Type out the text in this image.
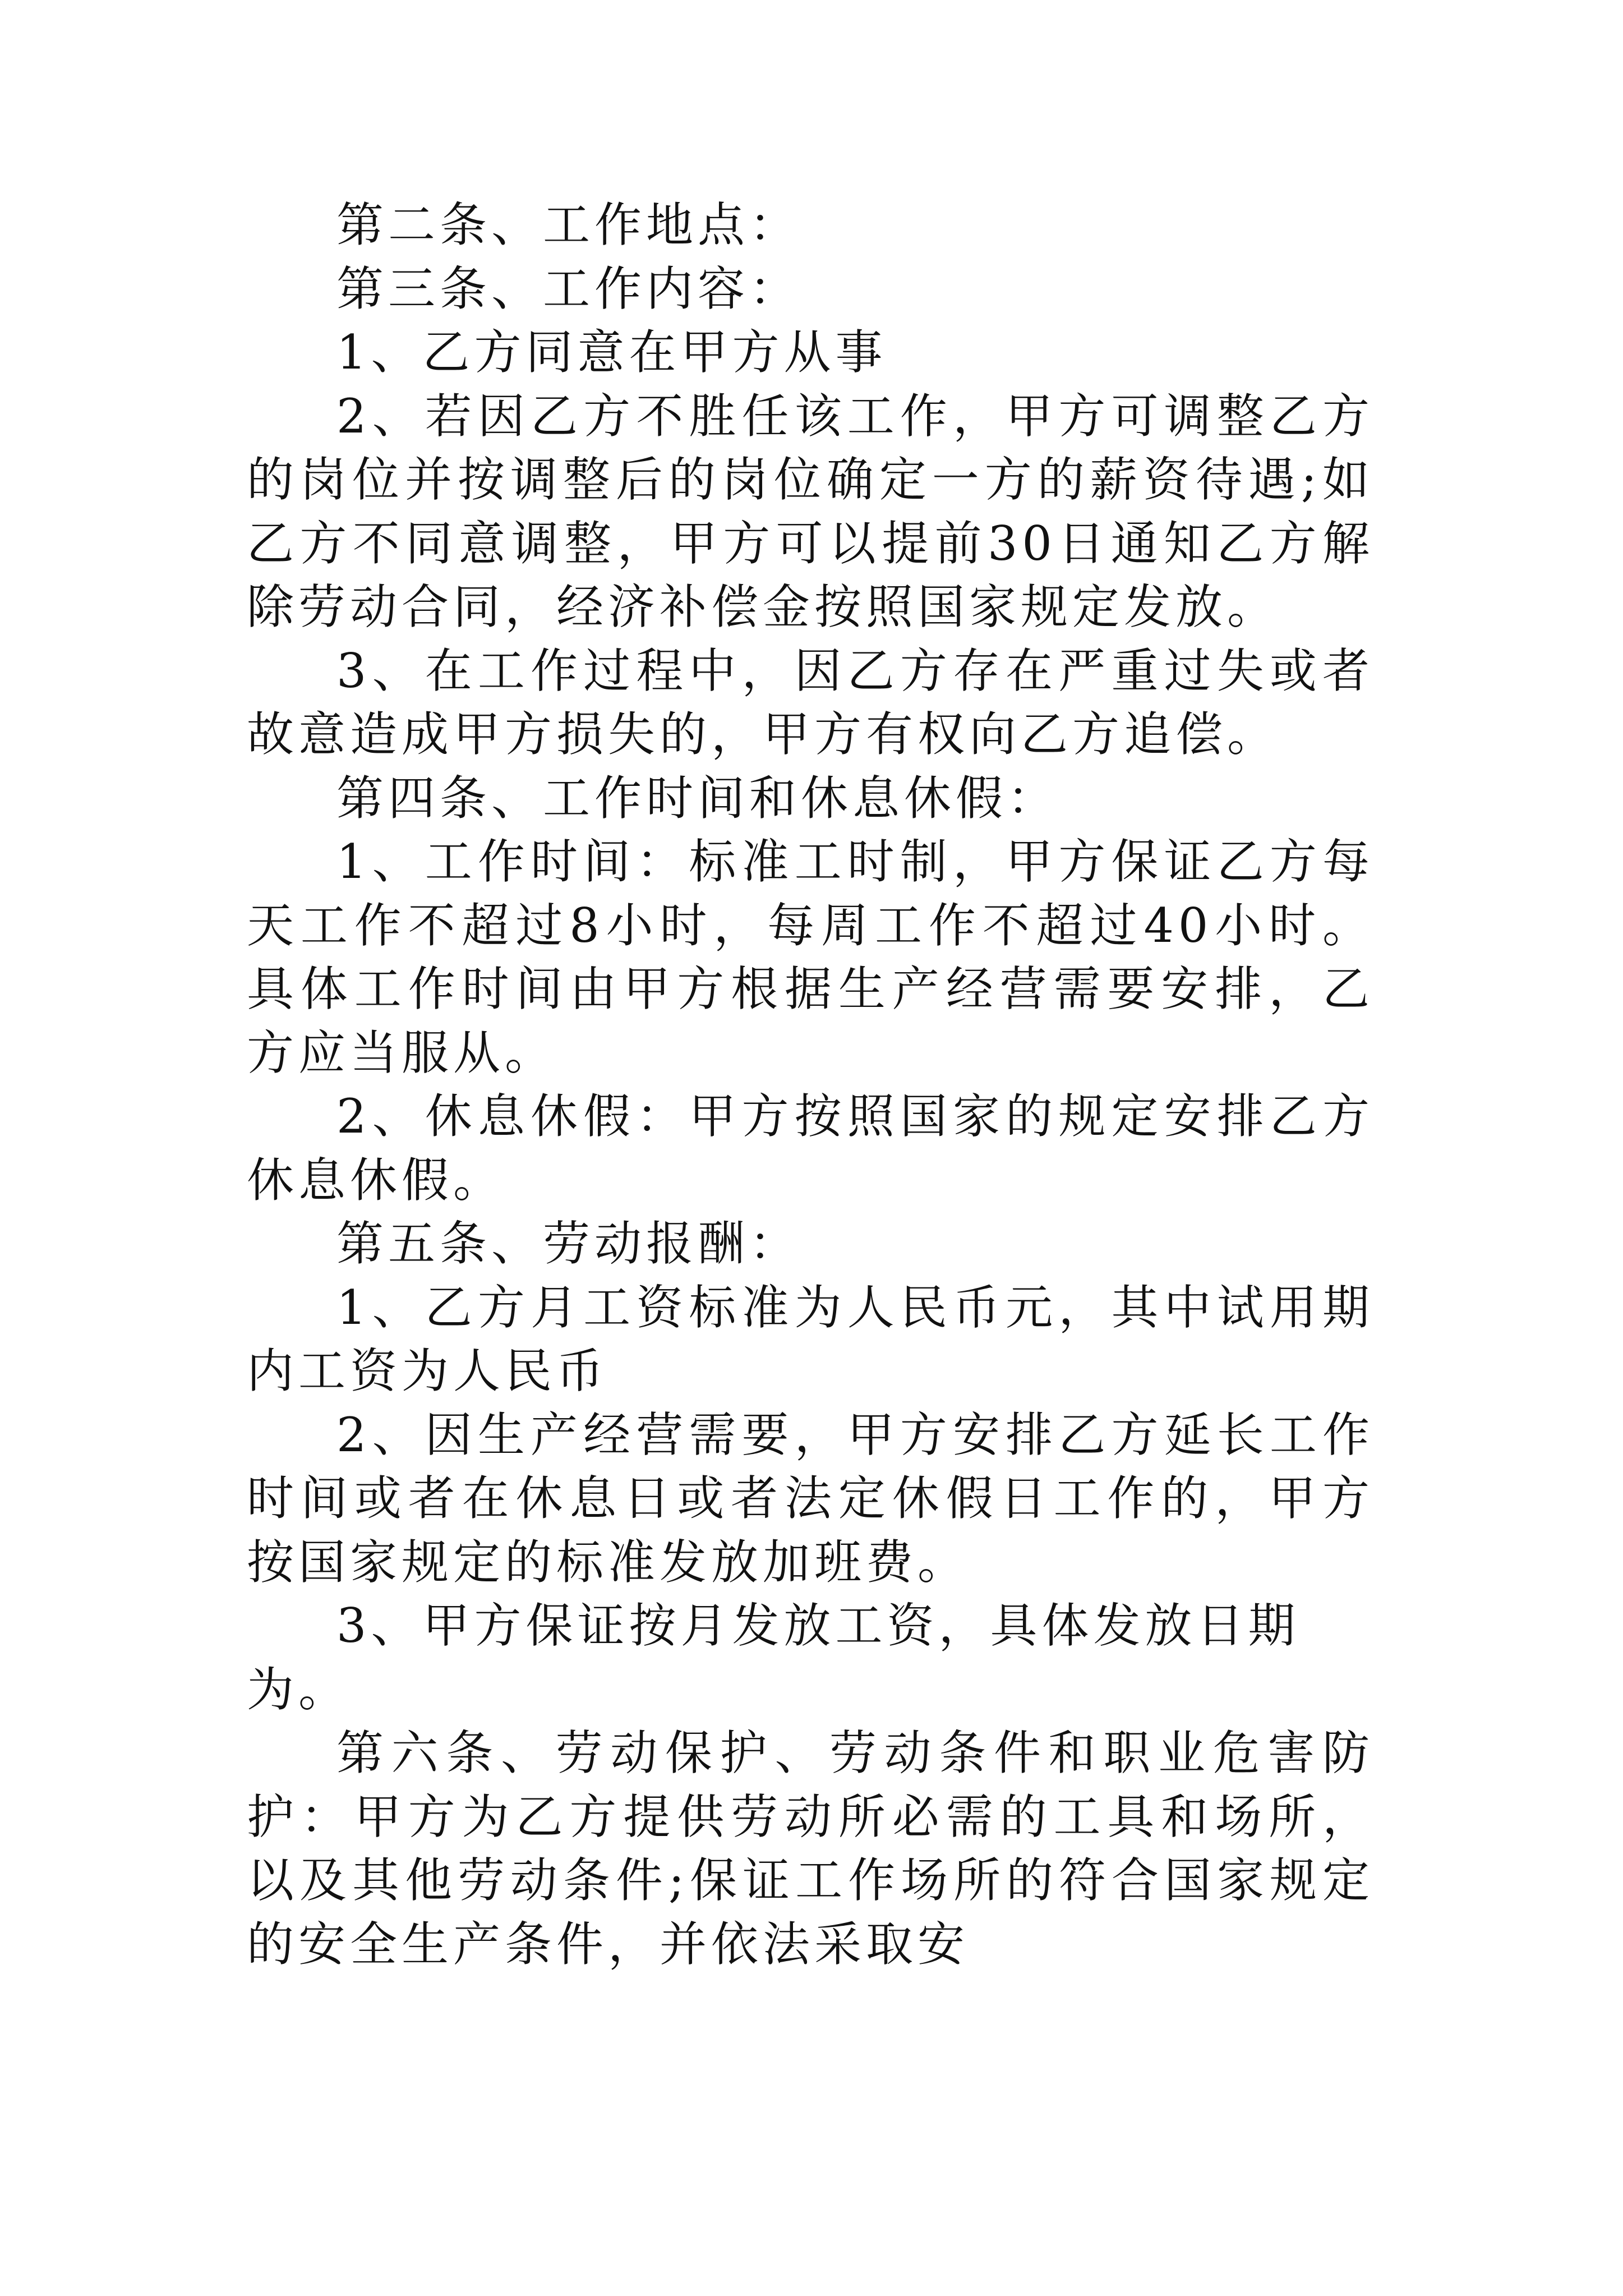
第二条、工作地点：

第三条、工作内容：

1、乙方同意在甲方从事

2、若因乙方不胜任该工作，甲方可调整乙方的岗位并按调整后的岗位确定一方的薪资待遇;如乙方不同意调整，甲方可以提前30日通知乙方解除劳动合同，经济补偿金按照国家规定发放。

3、在工作过程中，因乙方存在严重过失或者故意造成甲方损失的，甲方有权向乙方追偿。

第四条、工作时间和休息休假：

1、工作时间：标准工时制，甲方保证乙方每天工作不超过8小时，每周工作不超过40小时。具体工作时间由甲方根据生产经营需要安排，乙方应当服从。

2、休息休假：甲方按照国家的规定安排乙方休息休假。

第五条、劳动报酬：

1、乙方月工资标准为人民币元，其中试用期内工资为人民币

2、因生产经营需要，甲方安排乙方延长工作时间或者在休息日或者法定休假日工作的，甲方按国家规定的标准发放加班费。

3、甲方保证按月发放工资，具体发放日期为。

第六条、劳动保护、劳动条件和职业危害防护：甲方为乙方提供劳动所必需的工具和场所，以及其他劳动条件;保证工作场所的符合国家规定的安全生产条件，并依法采取安
